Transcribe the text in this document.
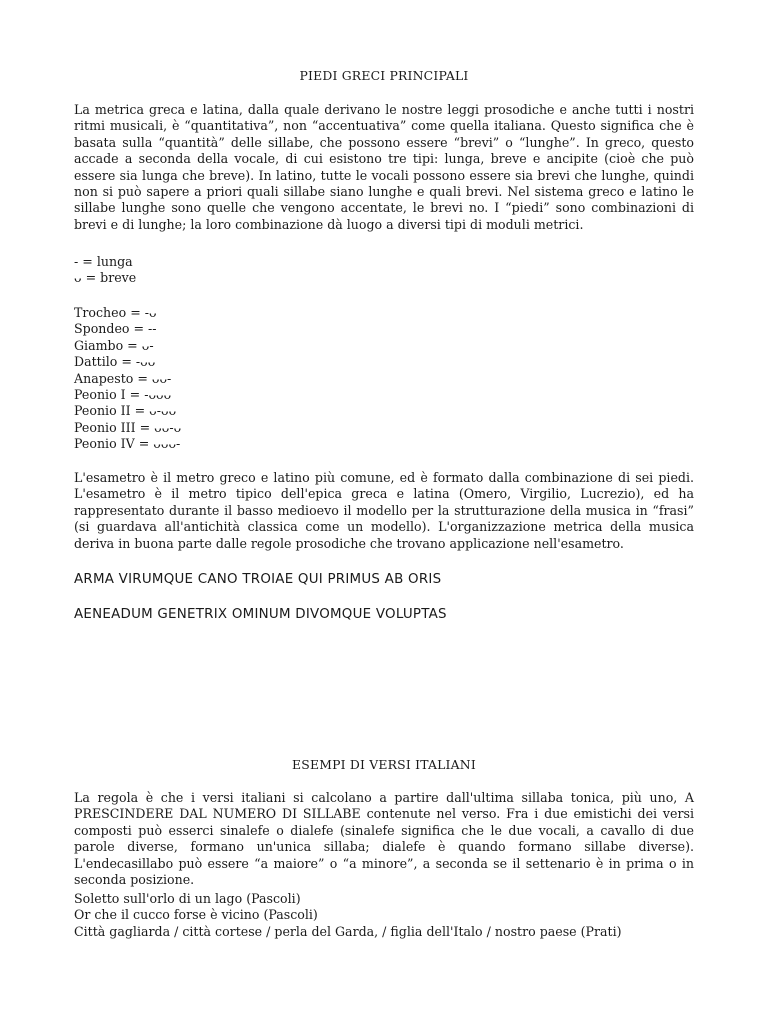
PIEDI GRECI PRINCIPALI

La metrica greca e latina, dalla quale derivano le nostre leggi prosodiche e anche tutti i nostri ritmi musicali, è “quantitativa”, non “accentuativa” come quella italiana. Questo significa che è basata sulla “quantità” delle sillabe, che possono essere “brevi” o “lunghe”. In greco, questo accade a seconda della vocale, di cui esistono tre tipi: lunga, breve e ancipite (cioè che può essere sia lunga che breve). In latino, tutte le vocali possono essere sia brevi che lunghe, quindi non si può sapere a priori quali sillabe siano lunghe e quali brevi. Nel sistema greco e latino le sillabe lunghe sono quelle che vengono accentate, le brevi no. I “piedi” sono combinazioni di brevi e di lunghe; la loro combinazione dà luogo a diversi tipi di moduli metrici.

- = lunga
ᴗ = breve
Trocheo = -ᴗ
Spondeo = --
Giambo = ᴗ-
Dattilo = -ᴗᴗ
Anapesto = ᴗᴗ-
Peonio I = -ᴗᴗᴗ
Peonio II = ᴗ-ᴗᴗ
Peonio III = ᴗᴗ-ᴗ
Peonio IV = ᴗᴗᴗ-

L'esametro è il metro greco e latino più comune, ed è formato dalla combinazione di sei piedi. L'esametro è il metro tipico dell'epica greca e latina (Omero, Virgilio, Lucrezio), ed ha rappresentato durante il basso medioevo il modello per la strutturazione della musica in “frasi” (si guardava all'antichità classica come un modello). L'organizzazione metrica della musica deriva in buona parte dalle regole prosodiche che trovano applicazione nell'esametro.

ARMA VIRUMQUE CANO TROIAE QUI PRIMUS AB ORIS
AENEADUM GENETRIX OMINUM DIVOMQUE VOLUPTAS
ESEMPI DI VERSI ITALIANI

La regola è che i versi italiani si calcolano a partire dall'ultima sillaba tonica, più uno, A PRESCINDERE DAL NUMERO DI SILLABE contenute nel verso. Fra i due emistichi dei versi composti può esserci sinalefe o dialefe (sinalefe significa che le due vocali, a cavallo di due parole diverse, formano un'unica sillaba; dialefe è quando formano sillabe diverse). L'endecasillabo può essere “a maiore” o “a minore”, a seconda se il settenario è in prima o in seconda posizione.

Soletto sull'orlo di un lago (Pascoli)
Or che il cucco forse è vicino (Pascoli)
Città gagliarda / città cortese / perla del Garda, / figlia dell'Italo / nostro paese (Prati)
